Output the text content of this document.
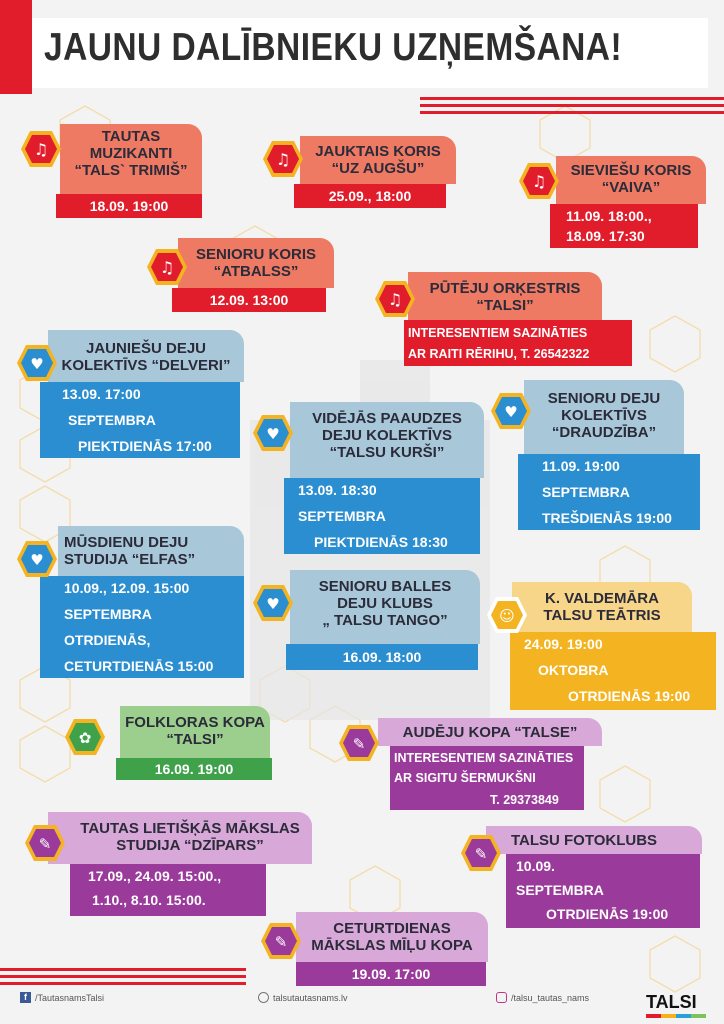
JAUNU DALĪBNIEKU UZŅEMŠANA!
TAUTAS
MUZIKANTI
“TALS` TRIMIŠ”
18.09. 19:00
♫	JAUKTAIS KORIS
“UZ AUGŠU”
25.09., 18:00
♫
SIEVIEŠU KORIS
“VAIVA”
11.09. 18:00.,
18.09. 17:30
♫
SENIORU KORIS
“ATBALSS”
12.09. 13:00
♫
PŪTĒJU ORĶESTRIS
“TALSI”
INTERESENTIEM SAZINĀTIES
AR RAITI RĒRIHU, T. 26542322
♫
JAUNIEŠU DEJU
KOLEKTĪVS “DELVERI”
13.09. 17:00
SEPTEMBRA
PIEKTDIENĀS 17:00
♥
VIDĒJĀS PAAUDZES
DEJU KOLEKTĪVS
“TALSU KURŠI”
13.09. 18:30
SEPTEMBRA
PIEKTDIENĀS 18:30
♥
SENIORU DEJU
KOLEKTĪVS
“DRAUDZĪBA”
11.09. 19:00
SEPTEMBRA
TREŠDIENĀS 19:00
♥
MŪSDIENU DEJU
STUDIJA “ELFAS”
10.09., 12.09. 15:00
SEPTEMBRA
OTRDIENĀS,
CETURTDIENĀS 15:00
♥
SENIORU BALLES
DEJU KLUBS
„ TALSU TANGO”
16.09. 18:00
♥	K. VALDEMĀRA
TALSU TEĀTRIS
24.09. 19:00
OKTOBRA
OTRDIENĀS 19:00
☺
FOLKLORAS KOPA
“TALSI”
16.09. 19:00
✿	AUDĒJU KOPA “TALSE”
INTERESENTIEM SAZINĀTIES
AR SIGITU ŠERMUKŠNI
T. 29373849
✎
TAUTAS LIETIŠĶĀS MĀKSLAS
STUDIJA “DZĪPARS”
17.09., 24.09. 15:00.,
1.10., 8.10. 15:00.
✎	TALSU FOTOKLUBS
10.09.
SEPTEMBRA
OTRDIENĀS 19:00
✎
CETURTDIENAS
MĀKSLAS MĪĻU KOPA
19.09. 17:00
✎
f /TautasnamsTalsi	talsutautasnams.lv	/talsu_tautas_nams	TALSI
